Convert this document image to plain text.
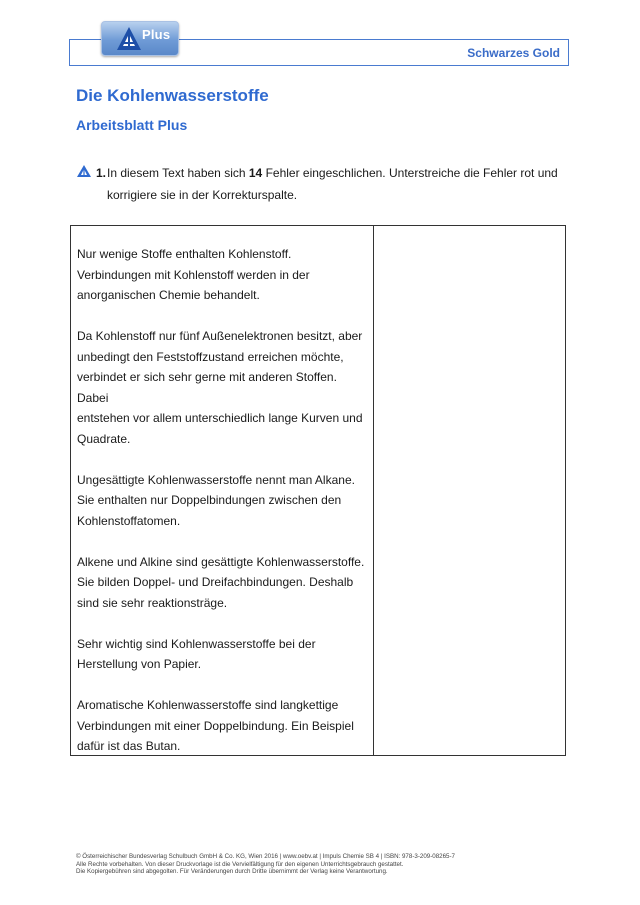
Schwarzes Gold
Plus
Die Kohlenwasserstoffe
Arbeitsblatt Plus
1. In diesem Text haben sich 14 Fehler eingeschlichen. Unterstreiche die Fehler rot und korrigiere sie in der Korrekturspalte.
Nur wenige Stoffe enthalten Kohlenstoff.
Verbindungen mit Kohlenstoff werden in der
anorganischen Chemie behandelt.
Da Kohlenstoff nur fünf Außenelektronen besitzt, aber
unbedingt den Feststoffzustand erreichen möchte,
verbindet er sich sehr gerne mit anderen Stoffen. Dabei
entstehen vor allem unterschiedlich lange Kurven und
Quadrate.
Ungesättigte Kohlenwasserstoffe nennt man Alkane.
Sie enthalten nur Doppelbindungen zwischen den
Kohlenstoffatomen.
Alkene und Alkine sind gesättigte Kohlenwasserstoffe.
Sie bilden Doppel- und Dreifachbindungen. Deshalb
sind sie sehr reaktionsträge.
Sehr wichtig sind Kohlenwasserstoffe bei der
Herstellung von Papier.
Aromatische Kohlenwasserstoffe sind langkettige
Verbindungen mit einer Doppelbindung. Ein Beispiel
dafür ist das Butan.
© Österreichischer Bundesverlag Schulbuch GmbH & Co. KG, Wien 2016 | www.oebv.at | Impuls Chemie SB 4 | ISBN: 978-3-209-08265-7
Alle Rechte vorbehalten. Von dieser Druckvorlage ist die Vervielfältigung für den eigenen Unterrichtsgebrauch gestattet.
Die Kopiergebühren sind abgegolten. Für Veränderungen durch Dritte übernimmt der Verlag keine Verantwortung.
